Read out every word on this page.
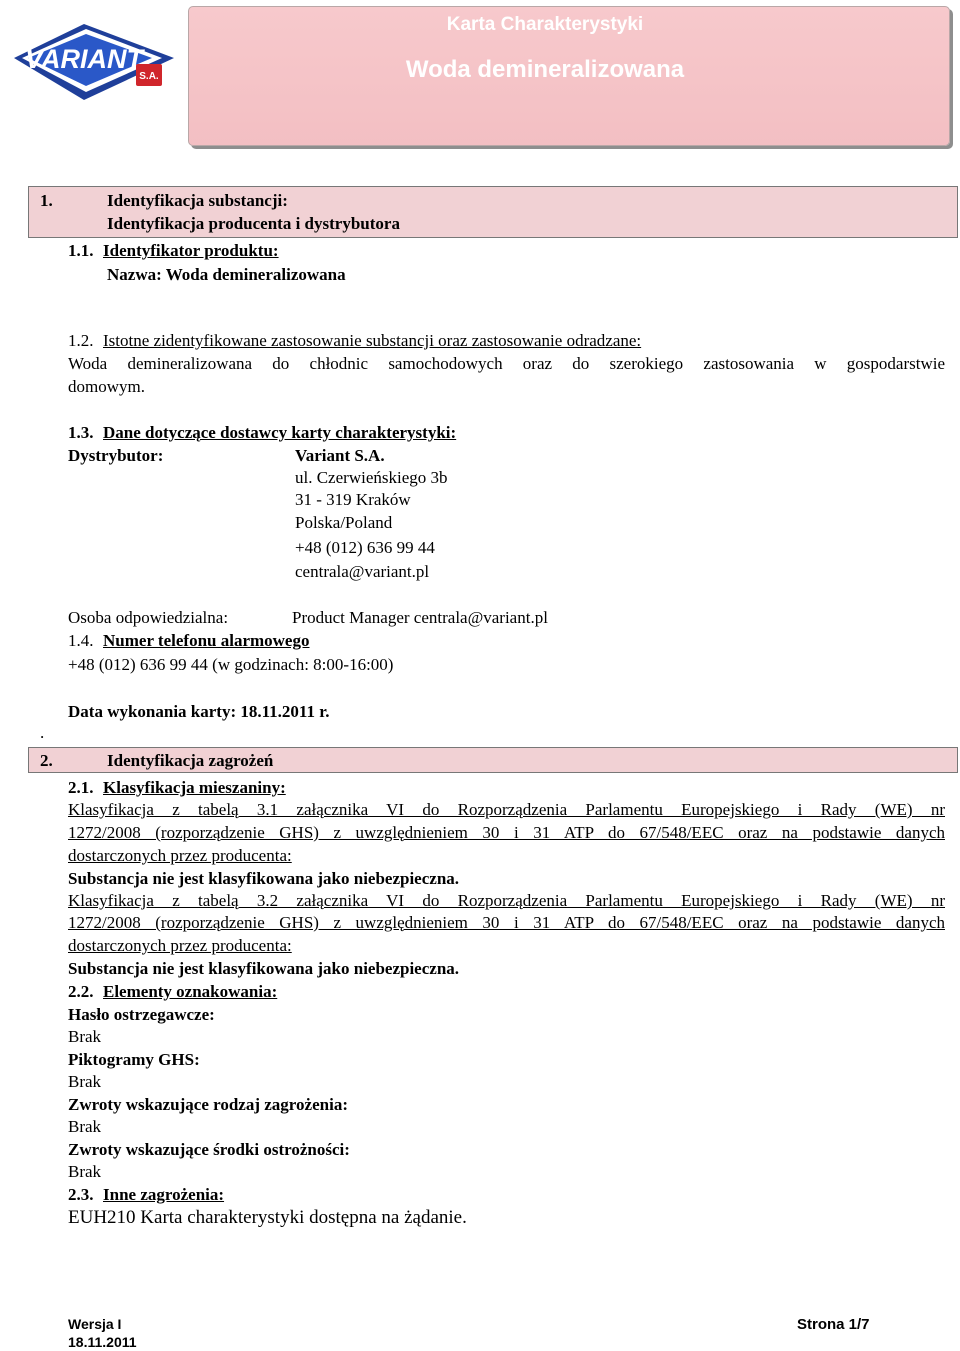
VARIANT
S.A.
Karta Charakterystyki
Woda demineralizowana
1.	Identyfikacja substancji:
Identyfikacja producenta i dystrybutora
1.1. Identyfikator produktu:
Nazwa: Woda demineralizowana
1.2. Istotne zidentyfikowane zastosowanie substancji oraz zastosowanie odradzane:
Woda demineralizowana do chłodnic samochodowych oraz do szerokiego zastosowania w gospodarstwie
domowym.
1.3. Dane dotyczące dostawcy karty charakterystyki:
Dystrybutor:	Variant S.A.
ul. Czerwieńskiego 3b
31 - 319 Kraków
Polska/Poland
+48 (012) 636 99 44
centrala@variant.pl
Osoba odpowiedzialna:	Product Manager centrala@variant.pl
1.4. Numer telefonu alarmowego
+48 (012) 636 99 44 (w godzinach: 8:00-16:00)
Data wykonania karty: 18.11.2011 r.
.
2.	Identyfikacja zagrożeń
2.1. Klasyfikacja mieszaniny:
Klasyfikacja z tabelą 3.1 załącznika VI do Rozporządzenia Parlamentu Europejskiego i Rady (WE) nr
1272/2008 (rozporządzenie GHS) z uwzględnieniem 30 i 31 ATP do 67/548/EEC oraz na podstawie danych
dostarczonych przez producenta:
Substancja nie jest klasyfikowana jako niebezpieczna.
Klasyfikacja z tabelą 3.2 załącznika VI do Rozporządzenia Parlamentu Europejskiego i Rady (WE) nr
1272/2008 (rozporządzenie GHS) z uwzględnieniem 30 i 31 ATP do 67/548/EEC oraz na podstawie danych
dostarczonych przez producenta:
Substancja nie jest klasyfikowana jako niebezpieczna.
2.2. Elementy oznakowania:
Hasło ostrzegawcze:
Brak
Piktogramy GHS:
Brak
Zwroty wskazujące rodzaj zagrożenia:
Brak
Zwroty wskazujące środki ostrożności:
Brak
2.3. Inne zagrożenia:
EUH210 Karta charakterystyki dostępna na żądanie.
Wersja I
18.11.2011
Strona 1/7
